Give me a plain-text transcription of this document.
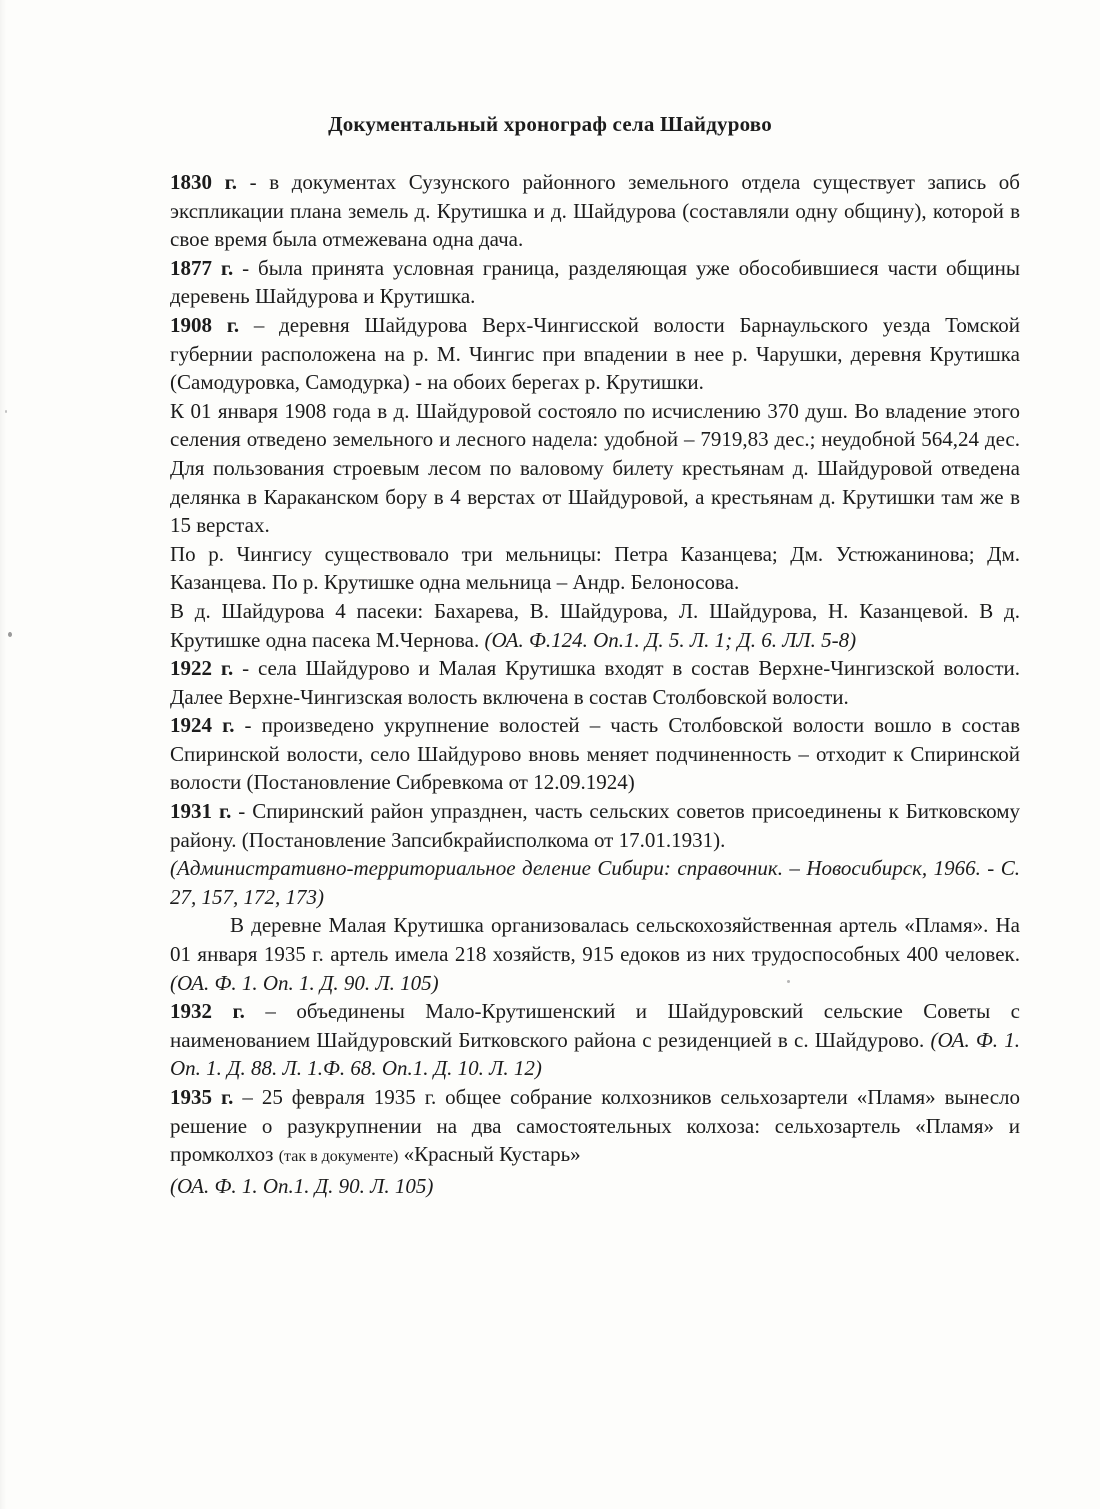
Документальный хронограф села Шайдурово

1830 г. - в документах Сузунского районного земельного отдела существует запись об экспликации плана земель д. Крутишка и д. Шайдурова (составляли одну общину), которой в свое время была отмежевана одна дача.

1877 г. - была принята условная граница, разделяющая уже обособившиеся части общины деревень Шайдурова и Крутишка.

1908 г. – деревня Шайдурова Верх-Чингисской волости Барнаульского уезда Томской губернии расположена на р. М. Чингис при впадении в нее р. Чарушки, деревня Крутишка (Самодуровка, Самодурка) - на обоих берегах р. Крутишки.

К 01 января 1908 года в д. Шайдуровой состояло по исчислению 370 душ. Во владение этого селения отведено земельного и лесного надела: удобной – 7919,83 дес.; неудобной 564,24 дес. Для пользования строевым лесом по валовому билету крестьянам д. Шайдуровой отведена делянка в Караканском бору в 4 верстах от Шайдуровой, а крестьянам д. Крутишки там же в 15 верстах.

По р. Чингису существовало три мельницы: Петра Казанцева; Дм. Устюжанинова; Дм. Казанцева. По р. Крутишке одна мельница – Андр. Белоносова.

В д. Шайдурова 4 пасеки: Бахарева, В. Шайдурова, Л. Шайдурова, Н. Казанцевой. В д. Крутишке одна пасека М.Чернова. (ОА. Ф.124. Оп.1. Д. 5. Л. 1; Д. 6. ЛЛ. 5-8)

1922 г. - села Шайдурово и Малая Крутишка входят в состав Верхне-Чингизской волости. Далее Верхне-Чингизская волость включена в состав Столбовской волости.

1924 г. - произведено укрупнение волостей – часть Столбовской волости вошло в состав Спиринской волости, село Шайдурово вновь меняет подчиненность – отходит к Спиринской волости (Постановление Сибревкома от 12.09.1924)

1931 г. - Спиринский район упразднен, часть сельских советов присоединены к Битковскому району. (Постановление Запсибкрайисполкома от 17.01.1931).
(Административно-территориальное деление Сибири: справочник. – Новосибирск, 1966. - С. 27, 157, 172, 173)

В деревне Малая Крутишка организовалась сельскохозяйственная артель «Пламя». На 01 января 1935 г. артель имела 218 хозяйств, 915 едоков из них трудоспособных 400 человек. (ОА. Ф. 1. Оп. 1. Д. 90. Л. 105)

1932 г. – объединены Мало-Крутишенский и Шайдуровский сельские Советы с наименованием Шайдуровский Битковского района с резиденцией в с. Шайдурово. (ОА. Ф. 1. Оп. 1. Д. 88. Л. 1.Ф. 68. Оп.1. Д. 10. Л. 12)

1935 г. – 25 февраля 1935 г. общее собрание колхозников сельхозартели «Пламя» вынесло решение о разукрупнении на два самостоятельных колхоза: сельхозартель «Пламя» и промколхоз (так в документе) «Красный Кустарь»
(ОА. Ф. 1. Оп.1. Д. 90. Л. 105)
